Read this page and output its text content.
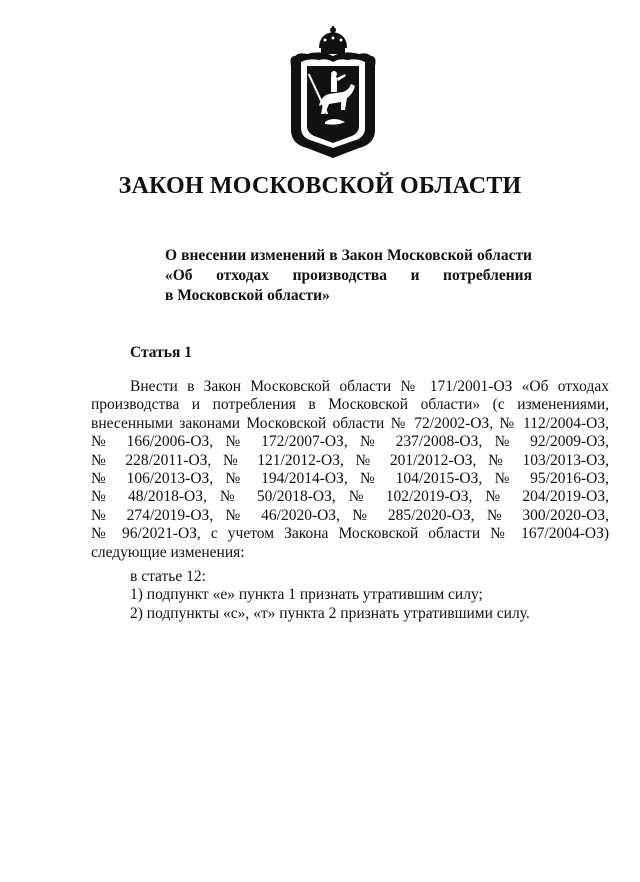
ЗАКОН МОСКОВСКОЙ ОБЛАСТИ
О внесении изменений в Закон Московской области
«Об отходах производства и потребления
в Московской области»
Статья 1
Внести в Закон Московской области № 171/2001-ОЗ «Об отходах
производства и потребления в Московской области» (с изменениями,
внесенными законами Московской области № 72/2002-ОЗ, № 112/2004-ОЗ,
№ 166/2006-ОЗ, № 172/2007-ОЗ, № 237/2008-ОЗ, № 92/2009-ОЗ,
№ 228/2011-ОЗ, № 121/2012-ОЗ, № 201/2012-ОЗ, № 103/2013-ОЗ,
№ 106/2013-ОЗ, № 194/2014-ОЗ, № 104/2015-ОЗ, № 95/2016-ОЗ,
№ 48/2018-ОЗ, № 50/2018-ОЗ, № 102/2019-ОЗ, № 204/2019-ОЗ,
№ 274/2019-ОЗ, № 46/2020-ОЗ, № 285/2020-ОЗ, № 300/2020-ОЗ,
№ 96/2021-ОЗ, с учетом Закона Московской области № 167/2004-ОЗ)
следующие изменения:
в статье 12:
1) подпункт «е» пункта 1 признать утратившим силу;
2) подпункты «с», «т» пункта 2 признать утратившими силу.
